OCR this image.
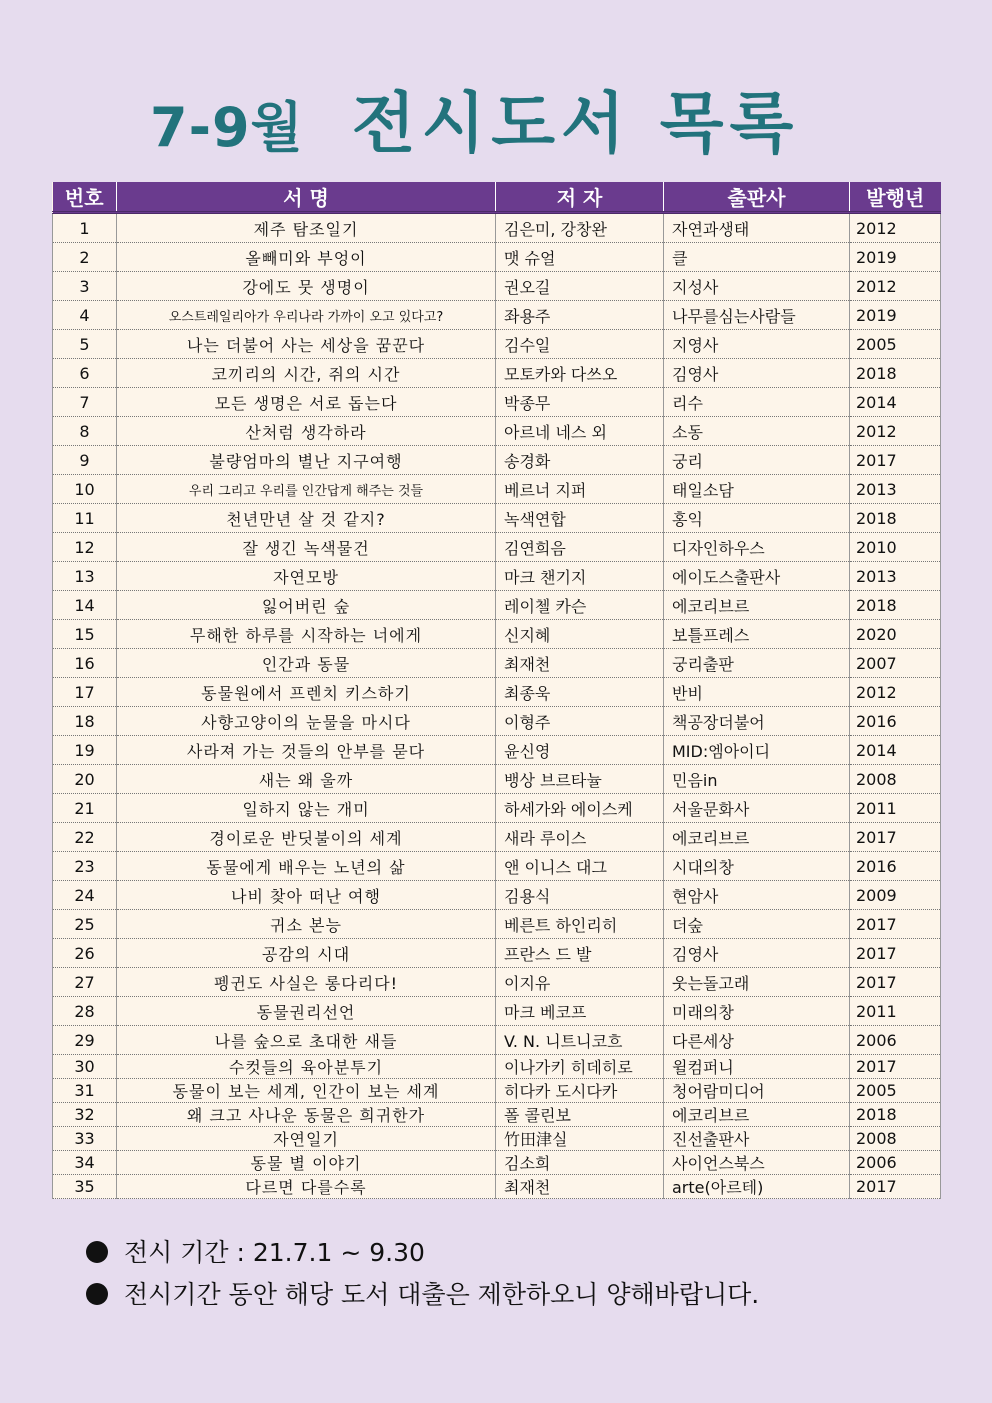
7-9월 전시도서 목록
번호	서 명	저 자	출판사	발행년
1	제주 탐조일기	김은미, 강창완	자연과생태	2012
2	올빼미와 부엉이	맷 슈얼	클	2019
3	강에도 뭇 생명이	권오길	지성사	2012
4	오스트레일리아가 우리나라 가까이 오고 있다고?	좌용주	나무를심는사람들	2019
5	나는 더불어 사는 세상을 꿈꾼다	김수일	지영사	2005
6	코끼리의 시간, 쥐의 시간	모토카와 다쓰오	김영사	2018
7	모든 생명은 서로 돕는다	박종무	리수	2014
8	산처럼 생각하라	아르네 네스 외	소동	2012
9	불량엄마의 별난 지구여행	송경화	궁리	2017
10	우리 그리고 우리를 인간답게 해주는 것들	베르너 지퍼	태일소담	2013
11	천년만년 살 것 같지?	녹색연합	홍익	2018
12	잘 생긴 녹색물건	김연희음	디자인하우스	2010
13	자연모방	마크 챈기지	에이도스출판사	2013
14	잃어버린 숲	레이첼 카슨	에코리브르	2018
15	무해한 하루를 시작하는 너에게	신지혜	보틀프레스	2020
16	인간과 동물	최재천	궁리출판	2007
17	동물원에서 프렌치 키스하기	최종욱	반비	2012
18	사향고양이의 눈물을 마시다	이형주	책공장더불어	2016
19	사라져 가는 것들의 안부를 묻다	윤신영	MID:엠아이디	2014
20	새는 왜 울까	뱅상 브르타뉼	민음in	2008
21	일하지 않는 개미	하세가와 에이스케	서울문화사	2011
22	경이로운 반딧불이의 세계	새라 루이스	에코리브르	2017
23	동물에게 배우는 노년의 삶	앤 이니스 대그	시대의창	2016
24	나비 찾아 떠난 여행	김용식	현암사	2009
25	귀소 본능	베른트 하인리히	더숲	2017
26	공감의 시대	프란스 드 발	김영사	2017
27	펭귄도 사실은 롱다리다!	이지유	웃는돌고래	2017
28	동물권리선언	마크 베코프	미래의창	2011
29	나를 숲으로 초대한 새들	V. N. 니트니코흐	다른세상	2006
30	수컷들의 육아분투기	이나가키 히데히로	윌컴퍼니	2017
31	동물이 보는 세계, 인간이 보는 세계	히다카 도시다카	청어람미디어	2005
32	왜 크고 사나운 동물은 희귀한가	폴 콜린보	에코리브르	2018
33	자연일기	竹田津실	진선출판사	2008
34	동물 별 이야기	김소희	사이언스북스	2006
35	다르면 다를수록	최재천	arte(아르테)	2017
전시 기간 : 21.7.1 ~ 9.30
전시기간 동안 해당 도서 대출은 제한하오니 양해바랍니다.
